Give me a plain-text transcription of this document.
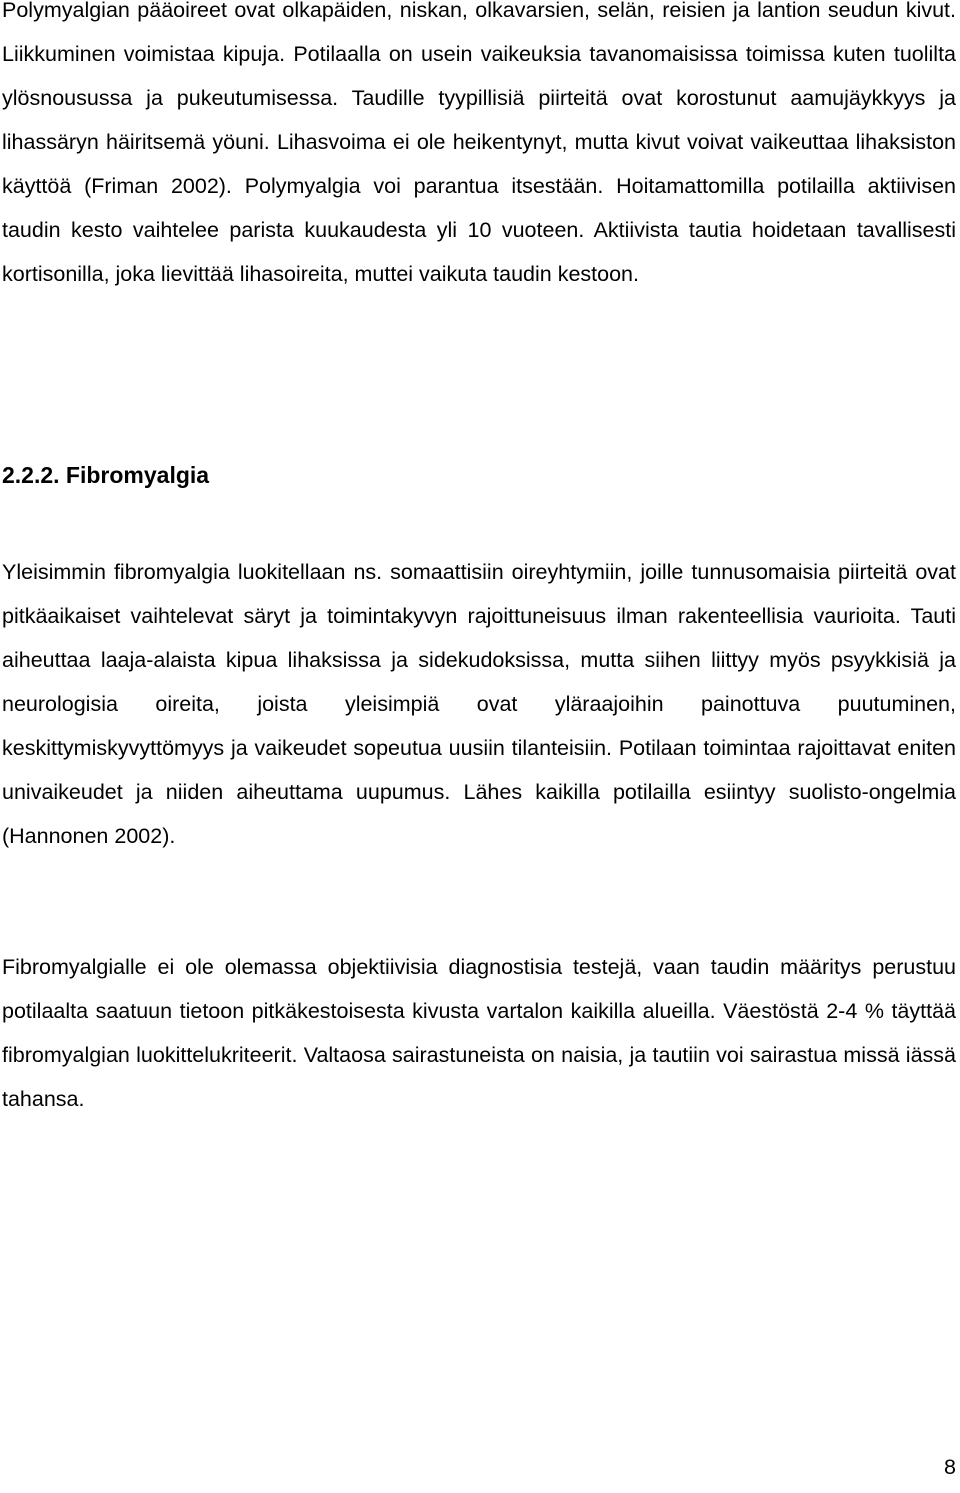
Polymyalgian pääoireet ovat olkapäiden, niskan, olkavarsien, selän, reisien ja lantion seudun kivut. Liikkuminen voimistaa kipuja. Potilaalla on usein vaikeuksia tavanomaisissa toimissa kuten tuolilta ylösnousussa ja pukeutumisessa. Taudille tyypillisiä piirteitä ovat korostunut aamujäykkyys ja lihassäryn häiritsemä yöuni. Lihasvoima ei ole heikentynyt, mutta kivut voivat vaikeuttaa lihaksiston käyttöä (Friman 2002). Polymyalgia voi parantua itsestään. Hoitamattomilla potilailla aktiivisen taudin kesto vaihtelee parista kuukaudesta yli 10 vuoteen. Aktiivista tautia hoidetaan tavallisesti kortisonilla, joka lievittää lihasoireita, muttei vaikuta taudin kestoon.

2.2.2. Fibromyalgia

Yleisimmin fibromyalgia luokitellaan ns. somaattisiin oireyhtymiin, joille tunnusomaisia piirteitä ovat pitkäaikaiset vaihtelevat säryt ja toimintakyvyn rajoittuneisuus ilman rakenteellisia vaurioita. Tauti aiheuttaa laaja-alaista kipua lihaksissa ja sidekudoksissa, mutta siihen liittyy myös psyykkisiä ja neurologisia oireita, joista yleisimpiä ovat yläraajoihin painottuva puutuminen, keskittymiskyvyttömyys ja vaikeudet sopeutua uusiin tilanteisiin. Potilaan toimintaa rajoittavat eniten univaikeudet ja niiden aiheuttama uupumus. Lähes kaikilla potilailla esiintyy suolisto-ongelmia (Hannonen 2002).

Fibromyalgialle ei ole olemassa objektiivisia diagnostisia testejä, vaan taudin määritys perustuu potilaalta saatuun tietoon pitkäkestoisesta kivusta vartalon kaikilla alueilla. Väestöstä 2-4 % täyttää fibromyalgian luokittelukriteerit. Valtaosa sairastuneista on naisia, ja tautiin voi sairastua missä iässä tahansa.

8
